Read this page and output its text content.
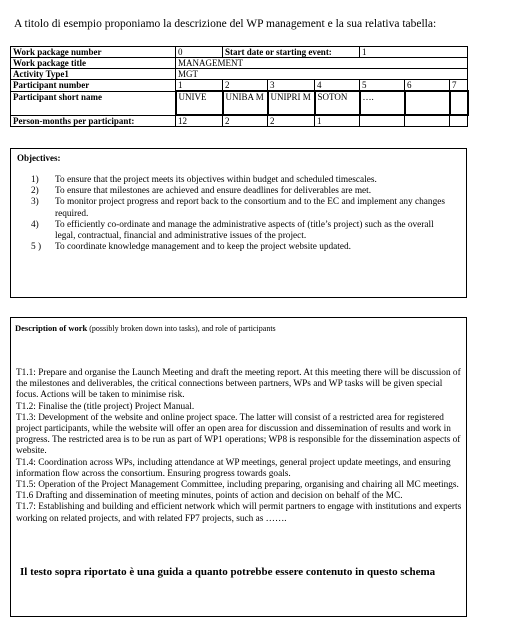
A titolo di esempio proponiamo la descrizione del WP management e la sua relativa tabella:
Work package number	0	Start date or starting event:			1		
Work package title	MANAGEMENT						
Activity Type1	MGT						
Participant number	1	2	3	4	5	6	7
Participant short name	UNIVE	UNIBA M	UNIPRI M	SOTON	….		
Person-months per participant:	12	2	2	1			
Objectives:
1) To ensure that the project meets its objectives within budget and scheduled timescales.
2) To ensure that milestones are achieved and ensure deadlines for deliverables are met.
3) To monitor project progress and report back to the consortium and to the EC and implement any changes required.
4) To efficiently co-ordinate and manage the administrative aspects of (title’s project) such as the overall legal, contractual, financial and administrative issues of the project.
5 ) To coordinate knowledge management and to keep the project website updated.
Description of work (possibly broken down into tasks), and role of participants

T1.1: Prepare and organise the Launch Meeting and draft the meeting report. At this meeting there will be discussion of the milestones and deliverables, the critical connections between partners, WPs and WP tasks will be given special focus. Actions will be taken to minimise risk.

T1.2: Finalise the (title project) Project Manual.

T1.3: Development of the website and online project space. The latter will consist of a restricted area for registered project participants, while the website will offer an open area for discussion and dissemination of results and work in progress. The restricted area is to be run as part of WP1 operations; WP8 is responsible for the dissemination aspects of website.

T1.4: Coordination across WPs, including attendance at WP meetings, general project update meetings, and ensuring information flow across the consortium. Ensuring progress towards goals.

T1.5: Operation of the Project Management Committee, including preparing, organising and chairing all MC meetings.

T1.6 Drafting and dissemination of meeting minutes, points of action and decision on behalf of the MC.

T1.7: Establishing and building and efficient network which will permit partners to engage with institutions and experts working on related projects, and with related FP7 projects, such as …….

Il testo sopra riportato è una guida a quanto potrebbe essere contenuto in questo schema
